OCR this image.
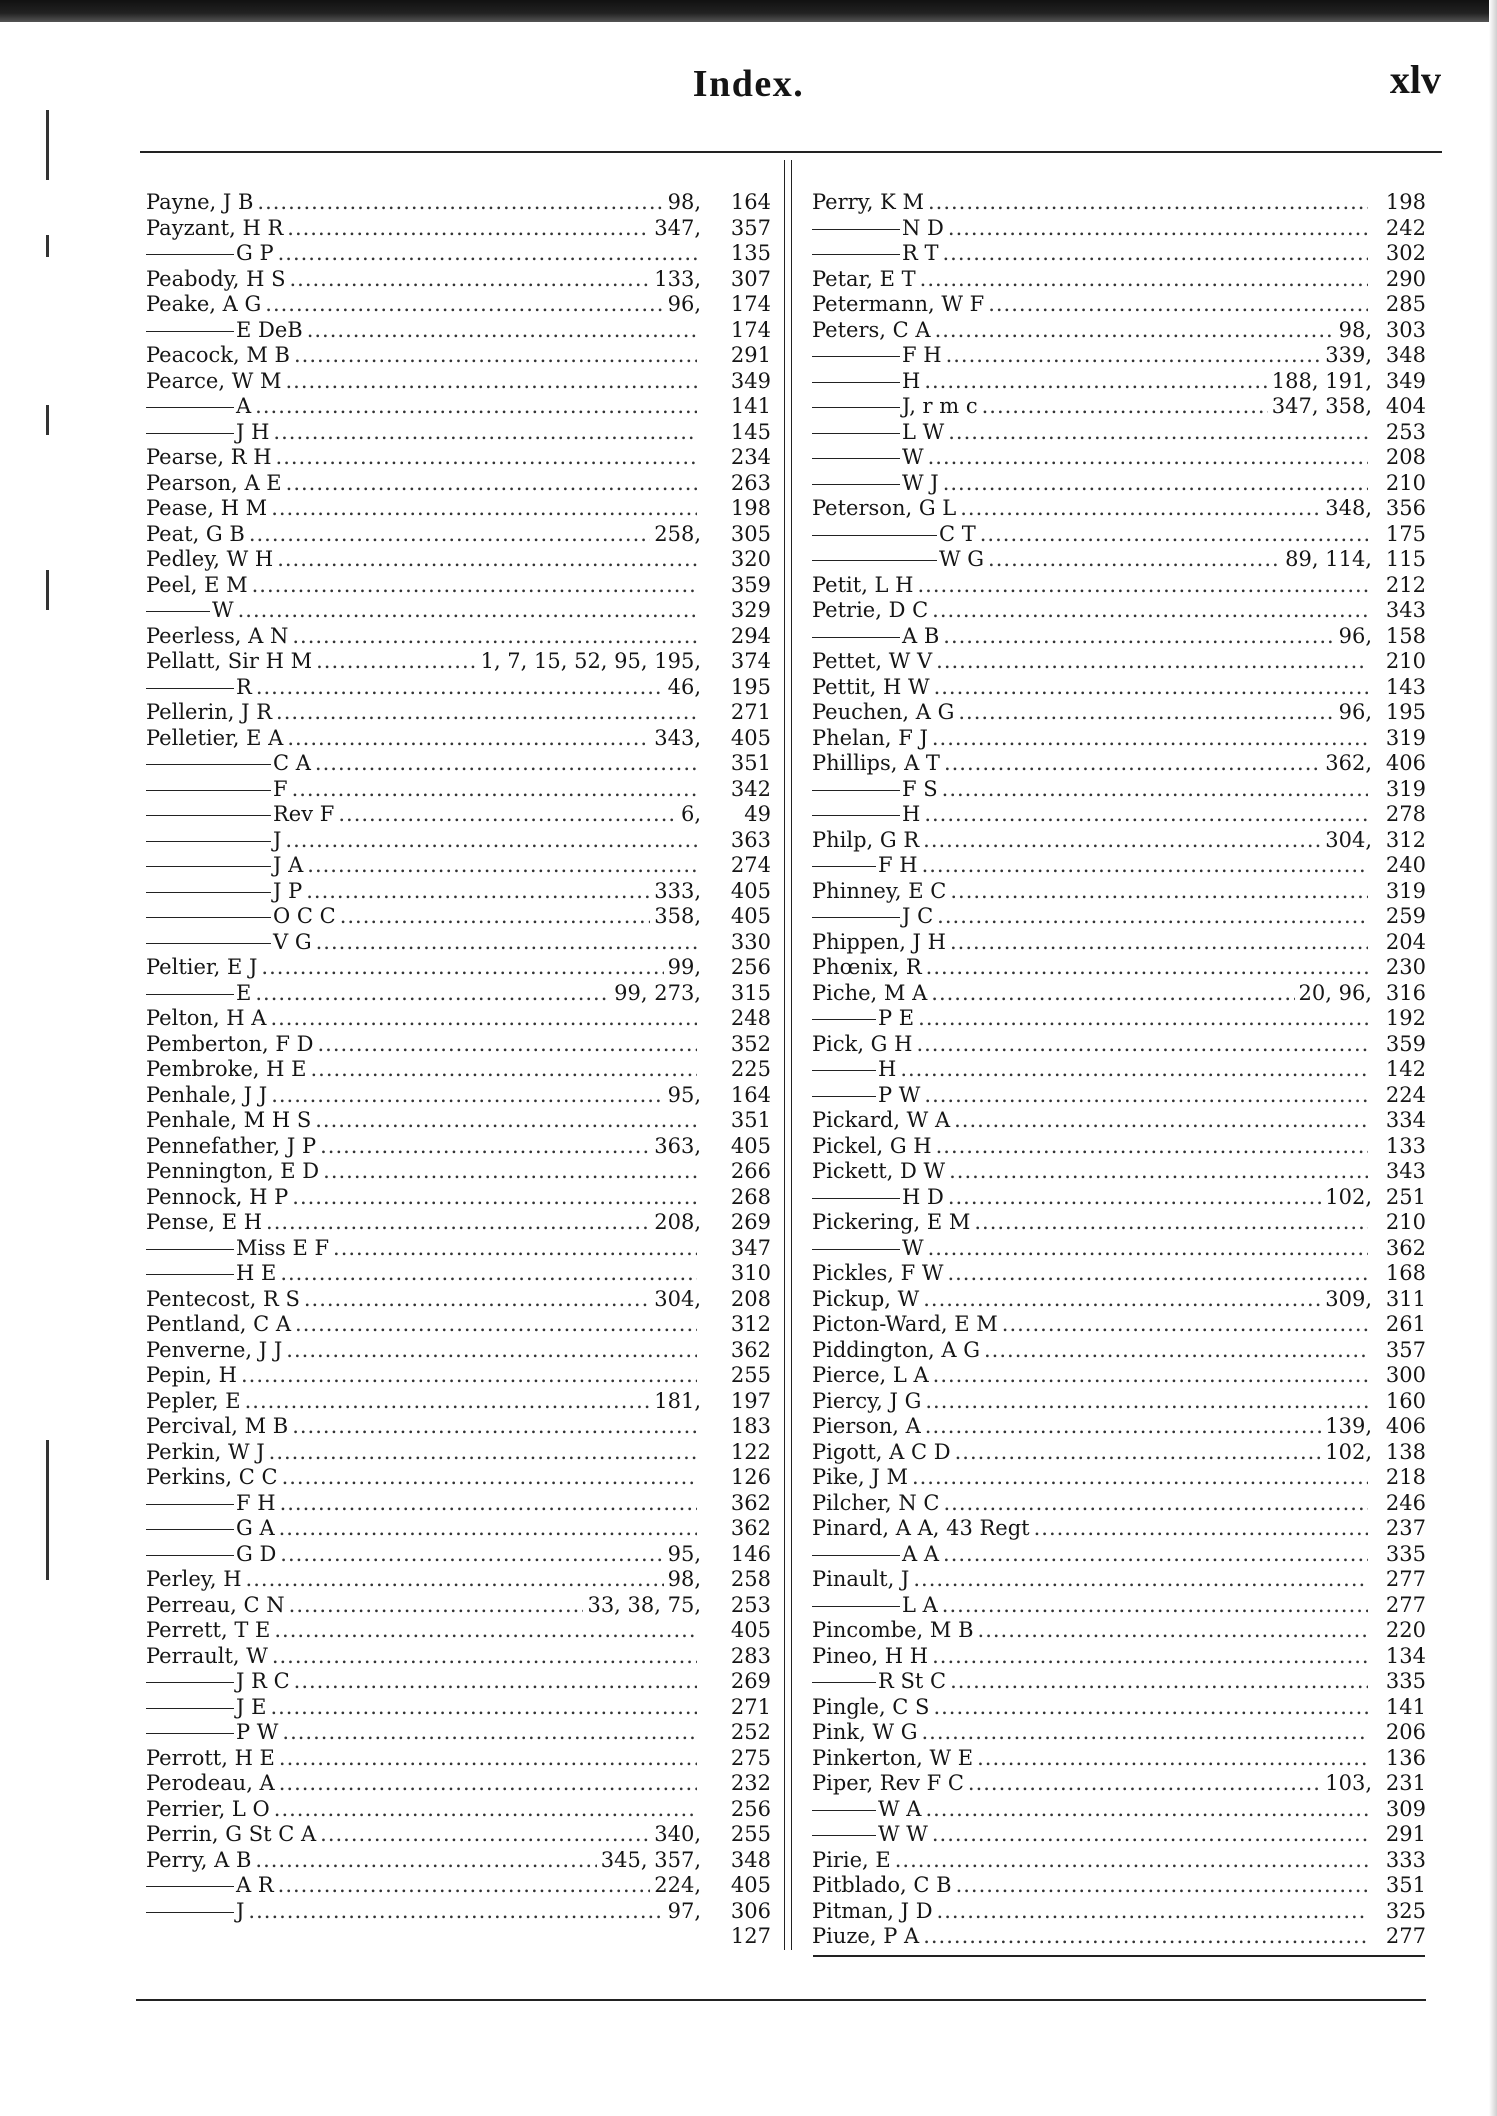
Index.	xlv
Payne, J B .....	98,	164
Payzant, H R .....	347,	357
G P .....	135
Peabody, H S .....	133,	307
Peake, A G .....	96,	174
E DeB .....	174
Peacock, M B .....	291
Pearce, W M .....	349
A .....	141
J H .....	145
Pearse, R H .....	234
Pearson, A E .....	263
Pease, H M .....	198
Peat, G B .....	258,	305
Pedley, W H .....	320
Peel, E M .....	359
W .....	329
Peerless, A N .....	294
Pellatt, Sir H M .....	1, 7, 15, 52, 95, 195,	374
R .....	46,	195
Pellerin, J R .....	271
Pelletier, E A .....	343,	405
C A .....	351
F .....	342
Rev F .....	6,	49
J .....	363
J A .....	274
J P .....	333,	405
O C C .....	358,	405
V G .....	330
Peltier, E J .....	99,	256
E .....	99, 273,	315
Pelton, H A .....	248
Pemberton, F D .....	352
Pembroke, H E .....	225
Penhale, J J .....	95,	164
Penhale, M H S .....	351
Pennefather, J P .....	363,	405
Pennington, E D .....	266
Pennock, H P .....	268
Pense, E H .....	208,	269
Miss E F .....	347
H E .....	310
Pentecost, R S .....	304,	208
Pentland, C A .....	312
Penverne, J J .....	362
Pepin, H .....	255
Pepler, E .....	181,	197
Percival, M B .....	183
Perkin, W J .....	122
Perkins, C C .....	126
F H .....	362
G A .....	362
G D .....	95,	146
Perley, H .....	98,	258
Perreau, C N .....	33, 38, 75,	253
Perrett, T E .....	405
Perrault, W .....	283
J R C .....	269
J E .....	271
P W .....	252
Perrott, H E .....	275
Perodeau, A .....	232
Perrier, L O .....	256
Perrin, G St C A .....	340,	255
Perry, A B .....	345, 357,	348
A R .....	224,	405
J .....	97,	306
127
Perry, K M .....	198
N D .....	242
R T .....	302
Petar, E T .....	290
Petermann, W F .....	285
Peters, C A .....	98, 303
F H .....	339, 348
H .....	188, 191, 349
J, r m c .....	347, 358, 404
L W .....	253
W .....	208
W J .....	210
Peterson, G L .....	348, 356
C T .....	175
W G .....	89, 114, 115
Petit, L H .....	212
Petrie, D C .....	343
A B .....	96, 158
Pettet, W V .....	210
Pettit, H W .....	143
Peuchen, A G .....	96, 195
Phelan, F J .....	319
Phillips, A T .....	362, 406
F S .....	319
H .....	278
Philp, G R .....	304, 312
F H .....	240
Phinney, E C .....	319
J C .....	259
Phippen, J H .....	204
Phœnix, R .....	230
Piche, M A .....	20, 96, 316
P E .....	192
Pick, G H .....	359
H .....	142
P W .....	224
Pickard, W A .....	334
Pickel, G H .....	133
Pickett, D W .....	343
H D .....	102, 251
Pickering, E M .....	210
W .....	362
Pickles, F W .....	168
Pickup, W .....	309, 311
Picton-Ward, E M .....	261
Piddington, A G .....	357
Pierce, L A .....	300
Piercy, J G .....	160
Pierson, A .....	139, 406
Pigott, A C D .....	102, 138
Pike, J M .....	218
Pilcher, N C .....	246
Pinard, A A, 43 Regt .....	237
A A .....	335
Pinault, J .....	277
L A .....	277
Pincombe, M B .....	220
Pineo, H H .....	134
R St C .....	335
Pingle, C S .....	141
Pink, W G .....	206
Pinkerton, W E .....	136
Piper, Rev F C .....	103, 231
W A .....	309
W W .....	291
Pirie, E .....	333
Pitblado, C B .....	351
Pitman, J D .....	325
Piuze, P A .....	277
